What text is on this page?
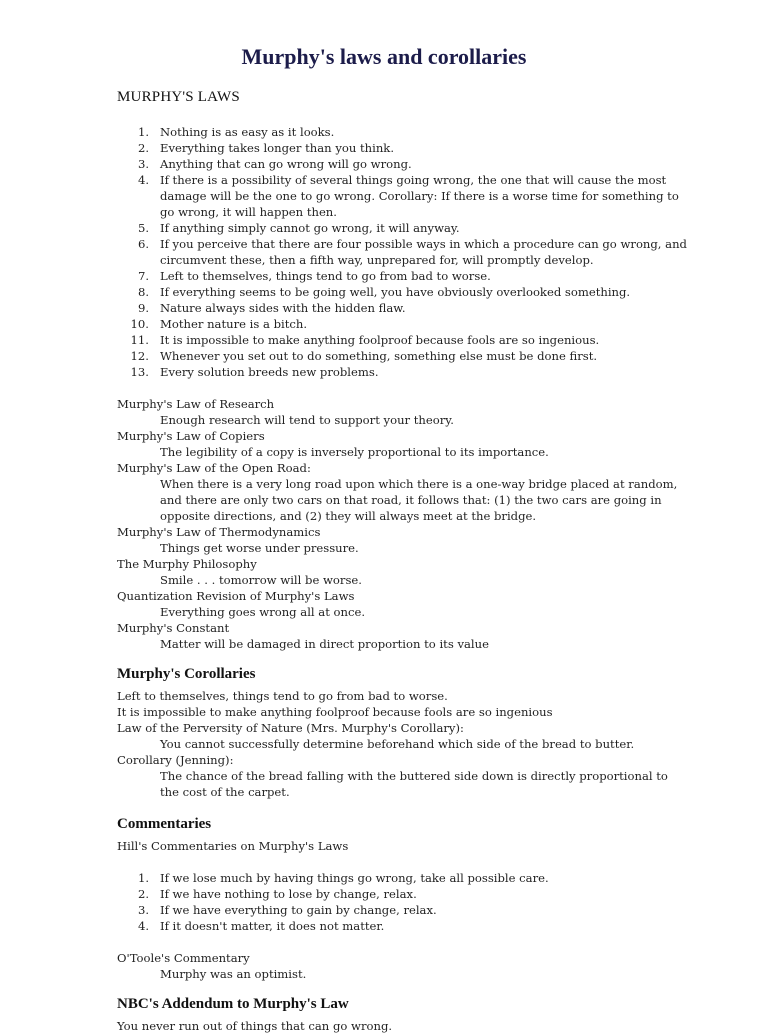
Murphy's laws and corollaries
MURPHY'S LAWS
1. Nothing is as easy as it looks.

2. Everything takes longer than you think.

3. Anything that can go wrong will go wrong.

4. If there is a possibility of several things going wrong, the one that will cause the most

damage will be the one to go wrong. Corollary: If there is a worse time for something to

go wrong, it will happen then.

5. If anything simply cannot go wrong, it will anyway.

6. If you perceive that there are four possible ways in which a procedure can go wrong, and

circumvent these, then a fifth way, unprepared for, will promptly develop.

7. Left to themselves, things tend to go from bad to worse.

8. If everything seems to be going well, you have obviously overlooked something.

9. Nature always sides with the hidden flaw.

10. Mother nature is a bitch.

11. It is impossible to make anything foolproof because fools are so ingenious.

12. Whenever you set out to do something, something else must be done first.

13. Every solution breeds new problems.

Murphy's Law of Research

Enough research will tend to support your theory.

Murphy's Law of Copiers

The legibility of a copy is inversely proportional to its importance.

Murphy's Law of the Open Road:

When there is a very long road upon which there is a one-way bridge placed at random,

and there are only two cars on that road, it follows that: (1) the two cars are going in

opposite directions, and (2) they will always meet at the bridge.

Murphy's Law of Thermodynamics

Things get worse under pressure.

The Murphy Philosophy

Smile . . . tomorrow will be worse.

Quantization Revision of Murphy's Laws

Everything goes wrong all at once.

Murphy's Constant

Matter will be damaged in direct proportion to its value

Murphy's Corollaries

Left to themselves, things tend to go from bad to worse.

It is impossible to make anything foolproof because fools are so ingenious

Law of the Perversity of Nature (Mrs. Murphy's Corollary):

You cannot successfully determine beforehand which side of the bread to butter.

Corollary (Jenning):

The chance of the bread falling with the buttered side down is directly proportional to

the cost of the carpet.

Commentaries

Hill's Commentaries on Murphy's Laws

1. If we lose much by having things go wrong, take all possible care.

2. If we have nothing to lose by change, relax.

3. If we have everything to gain by change, relax.

4. If it doesn't matter, it does not matter.

O'Toole's Commentary

Murphy was an optimist.

NBC's Addendum to Murphy's Law

You never run out of things that can go wrong.
